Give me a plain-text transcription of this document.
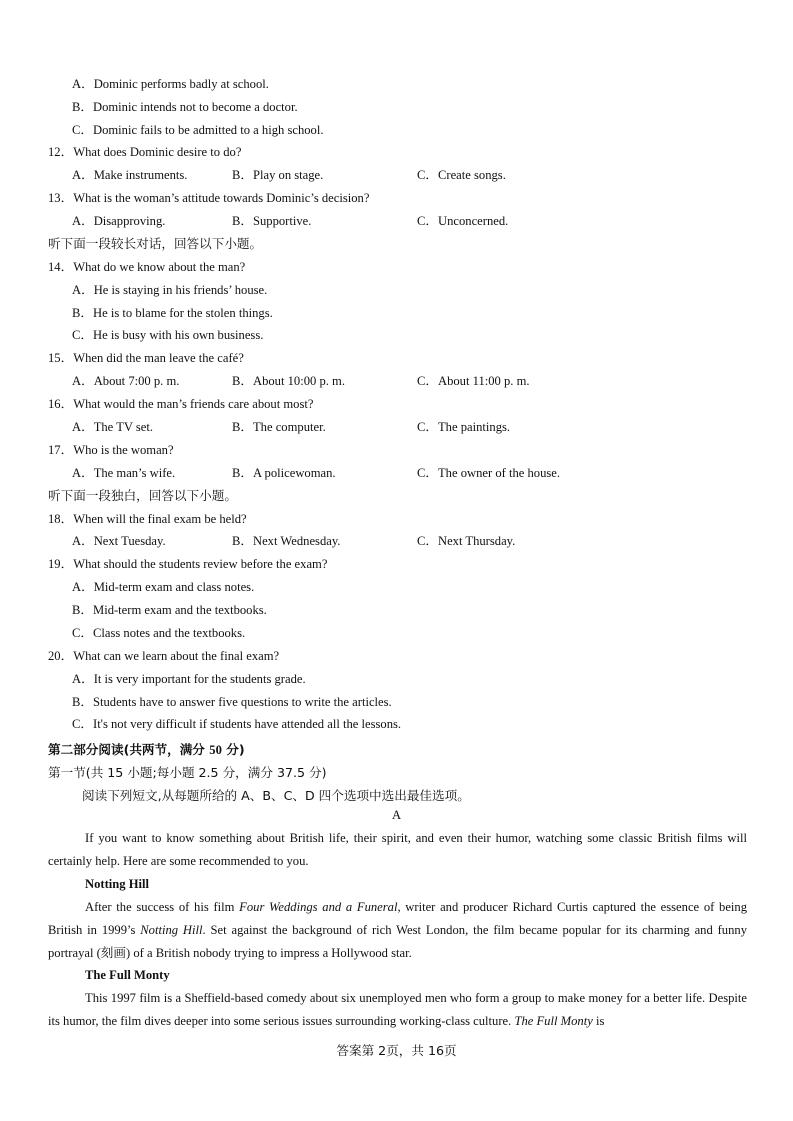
A．Dominic performs badly at school.
B．Dominic intends not to become a doctor.
C．Dominic fails to be admitted to a high school.
12．What does Dominic desire to do?
A．Make instruments.	B．Play on stage.	C．Create songs.
13．What is the woman’s attitude towards Dominic’s decision?
A．Disapproving.	B．Supportive.	C．Unconcerned.
听下面一段较长对话，回答以下小题。
14．What do we know about the man?
A．He is staying in his friends’ house.
B．He is to blame for the stolen things.
C．He is busy with his own business.
15．When did the man leave the café?
A．About 7:00 p. m.	B．About 10:00 p. m.	C．About 11:00 p. m.
16．What would the man’s friends care about most?
A．The TV set.	B．The computer.	C．The paintings.
17．Who is the woman?
A．The man’s wife.	B．A policewoman.	C．The owner of the house.
听下面一段独白，回答以下小题。
18．When will the final exam be held?
A．Next Tuesday.	B．Next Wednesday.	C．Next Thursday.
19．What should the students review before the exam?
A．Mid-term exam and class notes.
B．Mid-term exam and the textbooks.
C．Class notes and the textbooks.
20．What can we learn about the final exam?
A．It is very important for the students grade.
B．Students have to answer five questions to write the articles.
C．It's not very difficult if students have attended all the lessons.
第二部分阅读(共两节，满分 50 分)
第一节(共 15 小题;每小题 2.5 分，满分 37.5 分)
阅读下列短文,从每题所给的 A、B、C、D 四个选项中选出最佳选项。
A
If you want to know something about British life, their spirit, and even their humor, watching some classic British films will certainly help. Here are some recommended to you.
Notting Hill
After the success of his film Four Weddings and a Funeral, writer and producer Richard Curtis captured the essence of being British in 1999’s Notting Hill. Set against the background of rich West London, the film became popular for its charming and funny portrayal (刻画) of a British nobody trying to impress a Hollywood star.
The Full Monty
This 1997 film is a Sheffield-based comedy about six unemployed men who form a group to make money for a better life. Despite its humor, the film dives deeper into some serious issues surrounding working-class culture. The Full Monty is
答案第 2页，共 16页
